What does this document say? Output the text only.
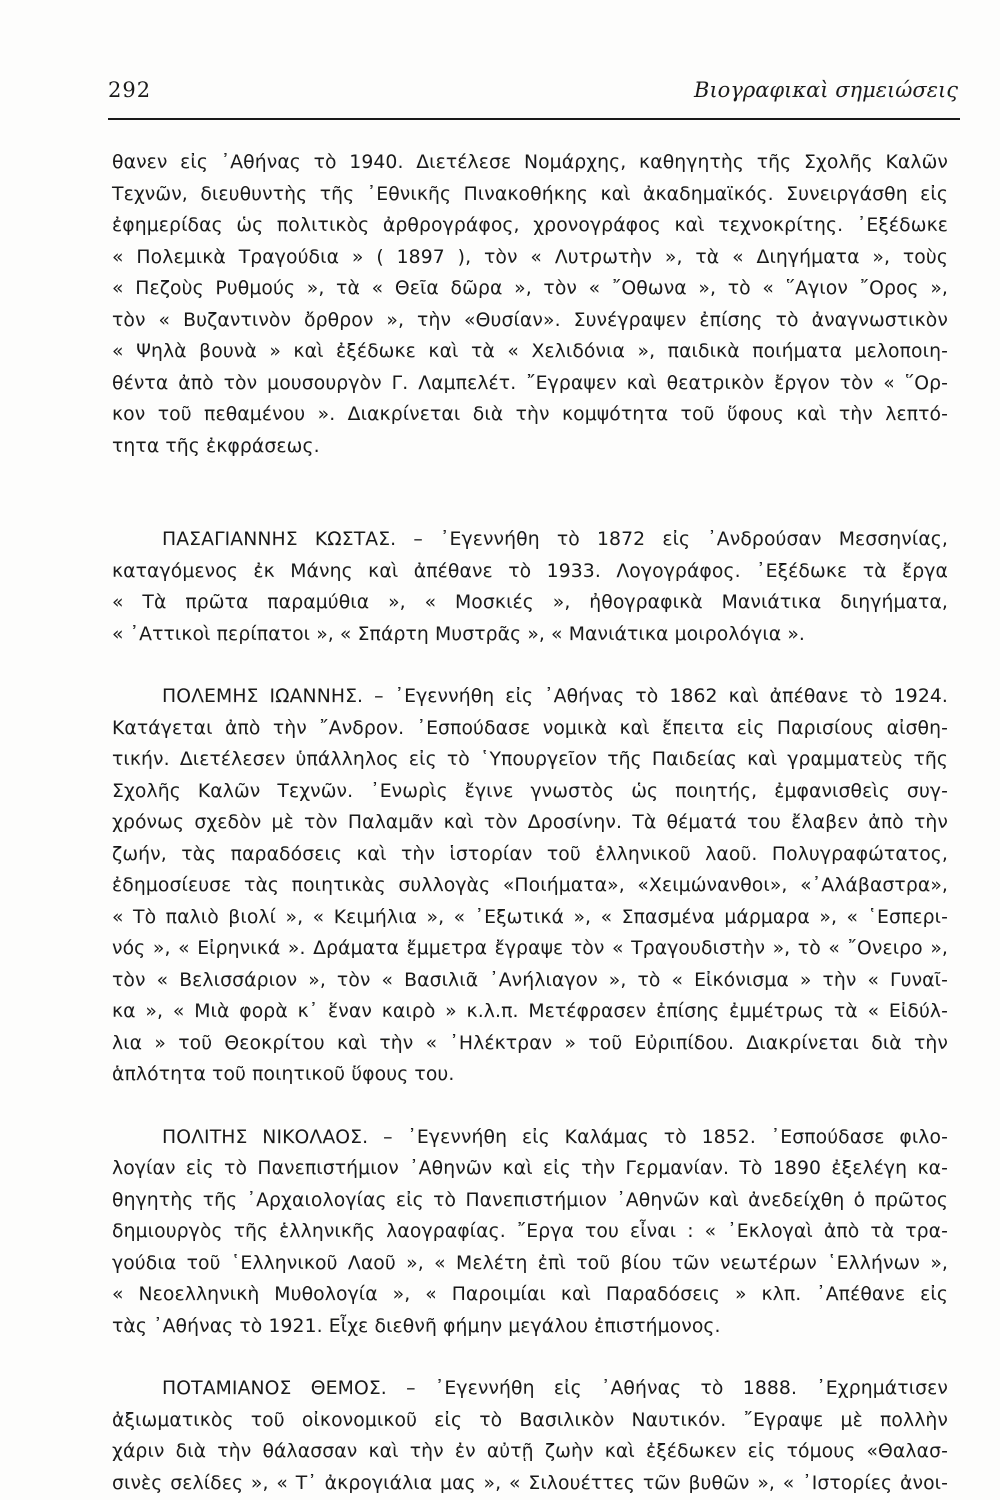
292	Βιογραφικαὶ σημειώσεις
θανεν εἰς ᾿Αθήνας τὸ 1940. Διετέλεσε Νομάρχης, καθηγητὴς τῆς Σχολῆς Καλῶν
Τεχνῶν, διευθυντὴς τῆς ᾿Εθνικῆς Πινακοθήκης καὶ ἀκαδημαϊκός. Συνειργάσθη εἰς
ἐφημερίδας ὡς πολιτικὸς ἀρθρογράφος, χρονογράφος καὶ τεχνοκρίτης. ᾿Εξέδωκε
« Πολεμικὰ Τραγούδια » ( 1897 ), τὸν « Λυτρωτὴν », τὰ « Διηγήματα », τοὺς
« Πεζοὺς Ρυθμούς », τὰ « Θεῖα δῶρα », τὸν « ῎Οθωνα », τὸ « ῞Αγιον ῎Ορος »,
τὸν « Βυζαντινὸν ὄρθρον », τὴν «Θυσίαν». Συνέγραψεν ἐπίσης τὸ ἀναγνωστικὸν
« Ψηλὰ βουνὰ » καὶ ἐξέδωκε καὶ τὰ « Χελιδόνια », παιδικὰ ποιήματα μελοποιη-
θέντα ἀπὸ τὸν μουσουργὸν Γ. Λαμπελέτ. ῎Εγραψεν καὶ θεατρικὸν ἔργον τὸν « ῞Ορ-
κον τοῦ πεθαμένου ». Διακρίνεται διὰ τὴν κομψότητα τοῦ ὕφους καὶ τὴν λεπτό-
τητα τῆς ἐκφράσεως.
ΠΑΣΑΓΙΑΝΝΗΣ ΚΩΣΤΑΣ. – ᾿Εγεννήθη τὸ 1872 εἰς ᾿Ανδρούσαν Μεσσηνίας,
καταγόμενος ἐκ Μάνης καὶ ἀπέθανε τὸ 1933. Λογογράφος. ᾿Εξέδωκε τὰ ἔργα
« Τὰ πρῶτα παραμύθια », « Μοσκιές », ἠθογραφικὰ Μανιάτικα διηγήματα,
« ᾿Αττικοὶ περίπατοι », « Σπάρτη Μυστρᾶς », « Μανιάτικα μοιρολόγια ».
ΠΟΛΕΜΗΣ ΙΩΑΝΝΗΣ. – ᾿Εγεννήθη εἰς ᾿Αθήνας τὸ 1862 καὶ ἀπέθανε τὸ 1924.
Κατάγεται ἀπὸ τὴν ῎Ανδρον. ᾿Εσπούδασε νομικὰ καὶ ἔπειτα εἰς Παρισίους αἰσθη-
τικήν. Διετέλεσεν ὑπάλληλος εἰς τὸ ῾Υπουργεῖον τῆς Παιδείας καὶ γραμματεὺς τῆς
Σχολῆς Καλῶν Τεχνῶν. ᾿Ενωρὶς ἔγινε γνωστὸς ὡς ποιητής, ἐμφανισθεὶς συγ-
χρόνως σχεδὸν μὲ τὸν Παλαμᾶν καὶ τὸν Δροσίνην. Τὰ θέματά του ἔλαβεν ἀπὸ τὴν
ζωήν, τὰς παραδόσεις καὶ τὴν ἱστορίαν τοῦ ἑλληνικοῦ λαοῦ. Πολυγραφώτατος,
ἐδημοσίευσε τὰς ποιητικὰς συλλογὰς «Ποιήματα», «Χειμώνανθοι», «᾿Αλάβαστρα»,
« Τὸ παλιὸ βιολί », « Κειμήλια », « ᾿Εξωτικά », « Σπασμένα μάρμαρα », « ῾Εσπερι-
νός », « Εἰρηνικά ». Δράματα ἔμμετρα ἔγραψε τὸν « Τραγουδιστὴν », τὸ « ῎Ονειρο »,
τὸν « Βελισσάριον », τὸν « Βασιλιᾶ ᾿Ανήλιαγον », τὸ « Εἰκόνισμα » τὴν « Γυναῖ-
κα », « Μιὰ φορὰ κ᾿ ἕναν καιρὸ » κ.λ.π. Μετέφρασεν ἐπίσης ἐμμέτρως τὰ « Εἰδύλ-
λια » τοῦ Θεοκρίτου καὶ τὴν « ᾿Ηλέκτραν » τοῦ Εὐριπίδου. Διακρίνεται διὰ τὴν
ἁπλότητα τοῦ ποιητικοῦ ὕφους του.
ΠΟΛΙΤΗΣ ΝΙΚΟΛΑΟΣ. – ᾿Εγεννήθη εἰς Καλάμας τὸ 1852. ᾿Εσπούδασε φιλο-
λογίαν εἰς τὸ Πανεπιστήμιον ᾿Αθηνῶν καὶ εἰς τὴν Γερμανίαν. Τὸ 1890 ἐξελέγη κα-
θηγητὴς τῆς ᾿Αρχαιολογίας εἰς τὸ Πανεπιστήμιον ᾿Αθηνῶν καὶ ἀνεδείχθη ὁ πρῶτος
δημιουργὸς τῆς ἑλληνικῆς λαογραφίας. ῎Εργα του εἶναι : « ᾿Εκλογαὶ ἀπὸ τὰ τρα-
γούδια τοῦ ῾Ελληνικοῦ Λαοῦ », « Μελέτη ἐπὶ τοῦ βίου τῶν νεωτέρων ῾Ελλήνων »,
« Νεοελληνικὴ Μυθολογία », « Παροιμίαι καὶ Παραδόσεις » κλπ. ᾿Απέθανε εἰς
τὰς ᾿Αθήνας τὸ 1921. Εἶχε διεθνῆ φήμην μεγάλου ἐπιστήμονος.
ΠΟΤΑΜΙΑΝΟΣ ΘΕΜΟΣ. – ᾿Εγεννήθη εἰς ᾿Αθήνας τὸ 1888. ᾿Εχρημάτισεν
ἀξιωματικὸς τοῦ οἰκονομικοῦ εἰς τὸ Βασιλικὸν Ναυτικόν. ῎Εγραψε μὲ πολλὴν
χάριν διὰ τὴν θάλασσαν καὶ τὴν ἐν αὐτῇ ζωὴν καὶ ἐξέδωκεν εἰς τόμους «Θαλασ-
σινὲς σελίδες », « Τ᾿ ἀκρογιάλια μας », « Σιλουέττες τῶν βυθῶν », « ᾿Ιστορίες ἀνοι-
